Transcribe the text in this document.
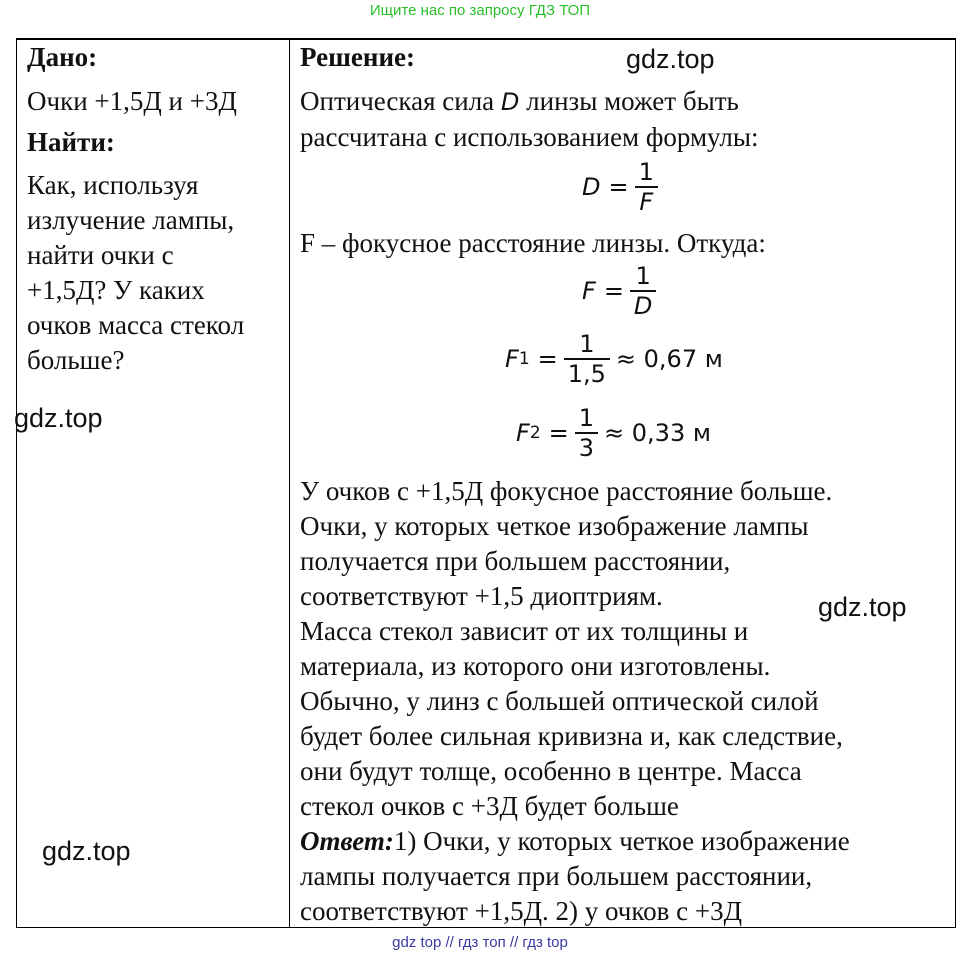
Ищите нас по запросу ГДЗ ТОП

Дано:

Очки +1,5Д и +3Д

Найти:

Как, используя

излучение лампы,

найти очки с

+1,5Д? У каких

очков масса стекол

больше?

Решение:

Оптическая сила D линзы может быть

рассчитана с использованием формулы:

$D = \frac{1}{F}$

F – фокусное расстояние линзы. Откуда:

$F = \frac{1}{D}$
F $1 = \frac{1}{1,5} \approx 0,67$ м
F $2 = \frac{1}{3} \approx 0,33$ м

У очков с +1,5Д фокусное расстояние больше.

Очки, у которых четкое изображение лампы

получается при большем расстоянии,

соответствуют +1,5 диоптриям.

Масса стекол зависит от их толщины и

материала, из которого они изготовлены.

Обычно, у линз с большей оптической силой

будет более сильная кривизна и, как следствие,

они будут толще, особенно в центре. Масса

стекол очков с +3Д будет больше

Ответ:1) Очки, у которых четкое изображение

лампы получается при большем расстоянии,

соответствуют +1,5Д. 2) у очков с +3Д

gdz.top
gdz.top
gdz.top
gdz.top
gdz top // гдз топ // гдз top
